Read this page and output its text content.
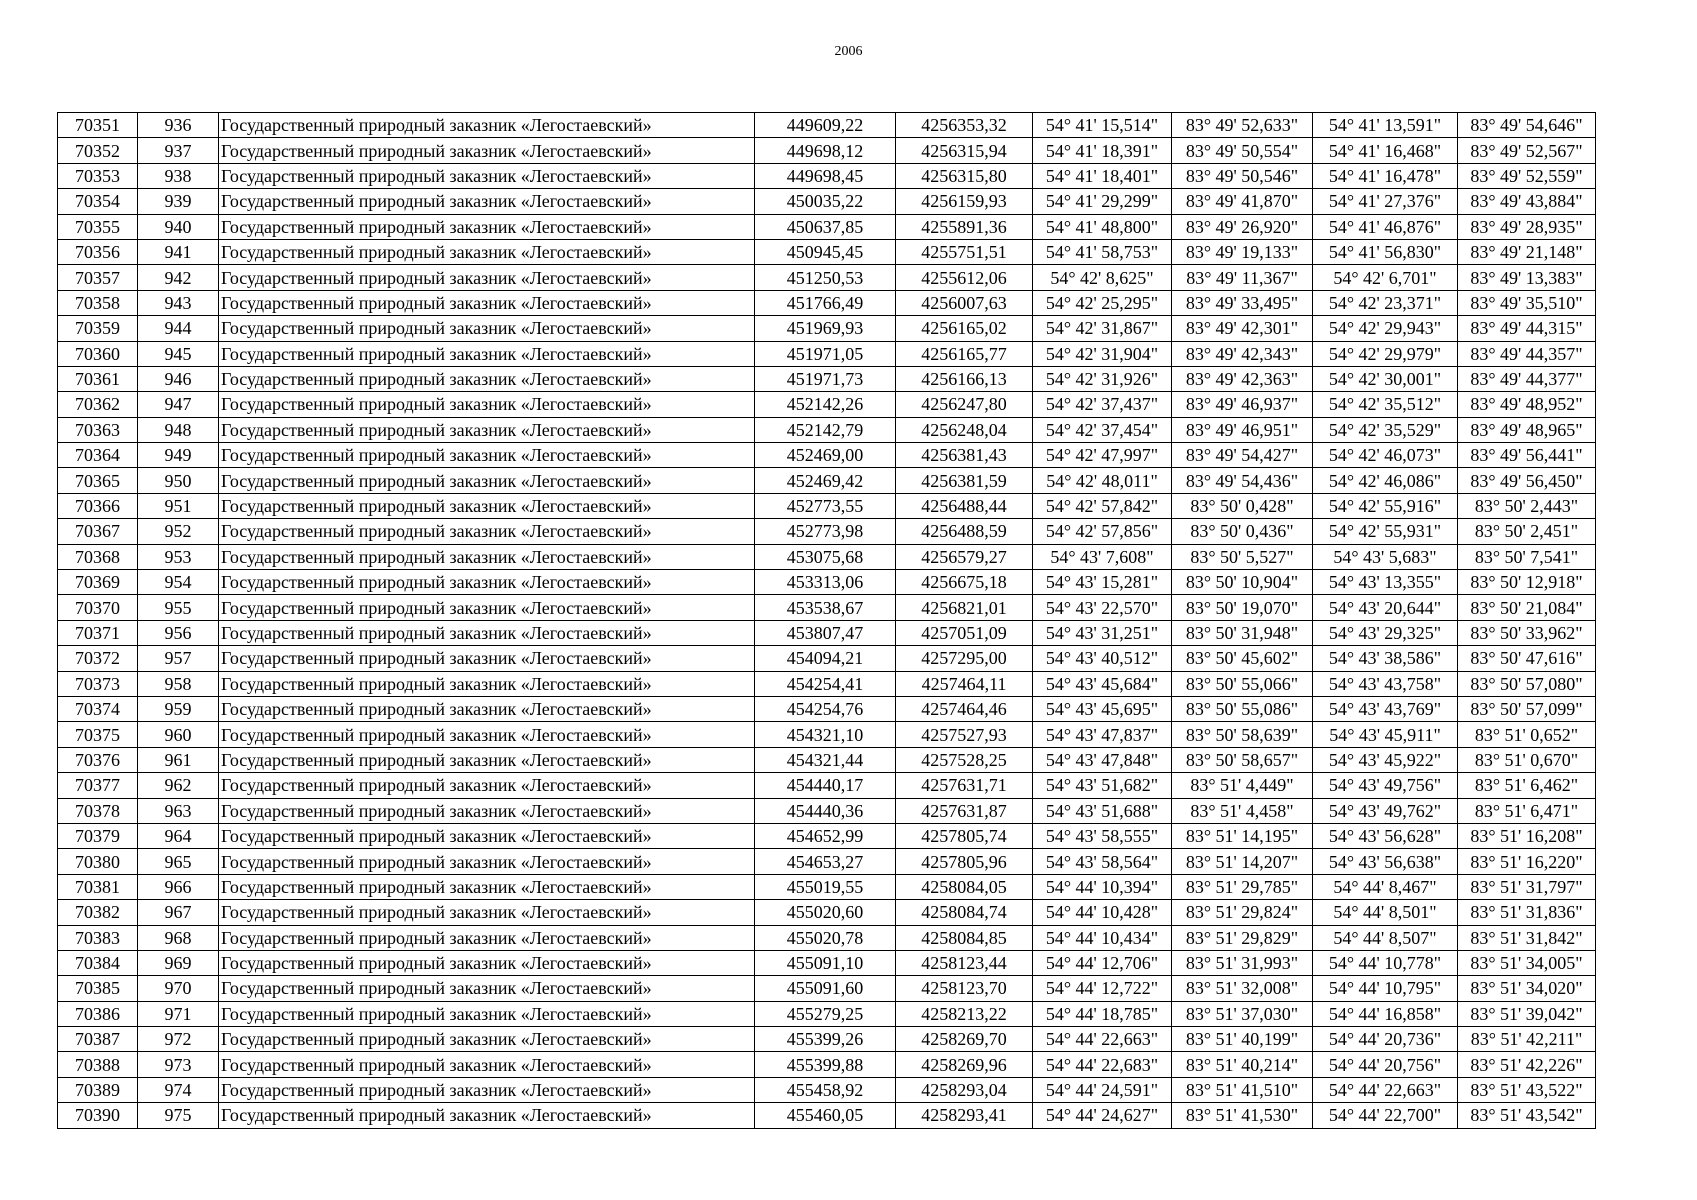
2006
70351	936	Государственный природный заказник «Легостаевский»	449609,22	4256353,32	54° 41' 15,514"	83° 49' 52,633"	54° 41' 13,591"	83° 49' 54,646"
70352	937	Государственный природный заказник «Легостаевский»	449698,12	4256315,94	54° 41' 18,391"	83° 49' 50,554"	54° 41' 16,468"	83° 49' 52,567"
70353	938	Государственный природный заказник «Легостаевский»	449698,45	4256315,80	54° 41' 18,401"	83° 49' 50,546"	54° 41' 16,478"	83° 49' 52,559"
70354	939	Государственный природный заказник «Легостаевский»	450035,22	4256159,93	54° 41' 29,299"	83° 49' 41,870"	54° 41' 27,376"	83° 49' 43,884"
70355	940	Государственный природный заказник «Легостаевский»	450637,85	4255891,36	54° 41' 48,800"	83° 49' 26,920"	54° 41' 46,876"	83° 49' 28,935"
70356	941	Государственный природный заказник «Легостаевский»	450945,45	4255751,51	54° 41' 58,753"	83° 49' 19,133"	54° 41' 56,830"	83° 49' 21,148"
70357	942	Государственный природный заказник «Легостаевский»	451250,53	4255612,06	54° 42' 8,625"	83° 49' 11,367"	54° 42' 6,701"	83° 49' 13,383"
70358	943	Государственный природный заказник «Легостаевский»	451766,49	4256007,63	54° 42' 25,295"	83° 49' 33,495"	54° 42' 23,371"	83° 49' 35,510"
70359	944	Государственный природный заказник «Легостаевский»	451969,93	4256165,02	54° 42' 31,867"	83° 49' 42,301"	54° 42' 29,943"	83° 49' 44,315"
70360	945	Государственный природный заказник «Легостаевский»	451971,05	4256165,77	54° 42' 31,904"	83° 49' 42,343"	54° 42' 29,979"	83° 49' 44,357"
70361	946	Государственный природный заказник «Легостаевский»	451971,73	4256166,13	54° 42' 31,926"	83° 49' 42,363"	54° 42' 30,001"	83° 49' 44,377"
70362	947	Государственный природный заказник «Легостаевский»	452142,26	4256247,80	54° 42' 37,437"	83° 49' 46,937"	54° 42' 35,512"	83° 49' 48,952"
70363	948	Государственный природный заказник «Легостаевский»	452142,79	4256248,04	54° 42' 37,454"	83° 49' 46,951"	54° 42' 35,529"	83° 49' 48,965"
70364	949	Государственный природный заказник «Легостаевский»	452469,00	4256381,43	54° 42' 47,997"	83° 49' 54,427"	54° 42' 46,073"	83° 49' 56,441"
70365	950	Государственный природный заказник «Легостаевский»	452469,42	4256381,59	54° 42' 48,011"	83° 49' 54,436"	54° 42' 46,086"	83° 49' 56,450"
70366	951	Государственный природный заказник «Легостаевский»	452773,55	4256488,44	54° 42' 57,842"	83° 50' 0,428"	54° 42' 55,916"	83° 50' 2,443"
70367	952	Государственный природный заказник «Легостаевский»	452773,98	4256488,59	54° 42' 57,856"	83° 50' 0,436"	54° 42' 55,931"	83° 50' 2,451"
70368	953	Государственный природный заказник «Легостаевский»	453075,68	4256579,27	54° 43' 7,608"	83° 50' 5,527"	54° 43' 5,683"	83° 50' 7,541"
70369	954	Государственный природный заказник «Легостаевский»	453313,06	4256675,18	54° 43' 15,281"	83° 50' 10,904"	54° 43' 13,355"	83° 50' 12,918"
70370	955	Государственный природный заказник «Легостаевский»	453538,67	4256821,01	54° 43' 22,570"	83° 50' 19,070"	54° 43' 20,644"	83° 50' 21,084"
70371	956	Государственный природный заказник «Легостаевский»	453807,47	4257051,09	54° 43' 31,251"	83° 50' 31,948"	54° 43' 29,325"	83° 50' 33,962"
70372	957	Государственный природный заказник «Легостаевский»	454094,21	4257295,00	54° 43' 40,512"	83° 50' 45,602"	54° 43' 38,586"	83° 50' 47,616"
70373	958	Государственный природный заказник «Легостаевский»	454254,41	4257464,11	54° 43' 45,684"	83° 50' 55,066"	54° 43' 43,758"	83° 50' 57,080"
70374	959	Государственный природный заказник «Легостаевский»	454254,76	4257464,46	54° 43' 45,695"	83° 50' 55,086"	54° 43' 43,769"	83° 50' 57,099"
70375	960	Государственный природный заказник «Легостаевский»	454321,10	4257527,93	54° 43' 47,837"	83° 50' 58,639"	54° 43' 45,911"	83° 51' 0,652"
70376	961	Государственный природный заказник «Легостаевский»	454321,44	4257528,25	54° 43' 47,848"	83° 50' 58,657"	54° 43' 45,922"	83° 51' 0,670"
70377	962	Государственный природный заказник «Легостаевский»	454440,17	4257631,71	54° 43' 51,682"	83° 51' 4,449"	54° 43' 49,756"	83° 51' 6,462"
70378	963	Государственный природный заказник «Легостаевский»	454440,36	4257631,87	54° 43' 51,688"	83° 51' 4,458"	54° 43' 49,762"	83° 51' 6,471"
70379	964	Государственный природный заказник «Легостаевский»	454652,99	4257805,74	54° 43' 58,555"	83° 51' 14,195"	54° 43' 56,628"	83° 51' 16,208"
70380	965	Государственный природный заказник «Легостаевский»	454653,27	4257805,96	54° 43' 58,564"	83° 51' 14,207"	54° 43' 56,638"	83° 51' 16,220"
70381	966	Государственный природный заказник «Легостаевский»	455019,55	4258084,05	54° 44' 10,394"	83° 51' 29,785"	54° 44' 8,467"	83° 51' 31,797"
70382	967	Государственный природный заказник «Легостаевский»	455020,60	4258084,74	54° 44' 10,428"	83° 51' 29,824"	54° 44' 8,501"	83° 51' 31,836"
70383	968	Государственный природный заказник «Легостаевский»	455020,78	4258084,85	54° 44' 10,434"	83° 51' 29,829"	54° 44' 8,507"	83° 51' 31,842"
70384	969	Государственный природный заказник «Легостаевский»	455091,10	4258123,44	54° 44' 12,706"	83° 51' 31,993"	54° 44' 10,778"	83° 51' 34,005"
70385	970	Государственный природный заказник «Легостаевский»	455091,60	4258123,70	54° 44' 12,722"	83° 51' 32,008"	54° 44' 10,795"	83° 51' 34,020"
70386	971	Государственный природный заказник «Легостаевский»	455279,25	4258213,22	54° 44' 18,785"	83° 51' 37,030"	54° 44' 16,858"	83° 51' 39,042"
70387	972	Государственный природный заказник «Легостаевский»	455399,26	4258269,70	54° 44' 22,663"	83° 51' 40,199"	54° 44' 20,736"	83° 51' 42,211"
70388	973	Государственный природный заказник «Легостаевский»	455399,88	4258269,96	54° 44' 22,683"	83° 51' 40,214"	54° 44' 20,756"	83° 51' 42,226"
70389	974	Государственный природный заказник «Легостаевский»	455458,92	4258293,04	54° 44' 24,591"	83° 51' 41,510"	54° 44' 22,663"	83° 51' 43,522"
70390	975	Государственный природный заказник «Легостаевский»	455460,05	4258293,41	54° 44' 24,627"	83° 51' 41,530"	54° 44' 22,700"	83° 51' 43,542"
